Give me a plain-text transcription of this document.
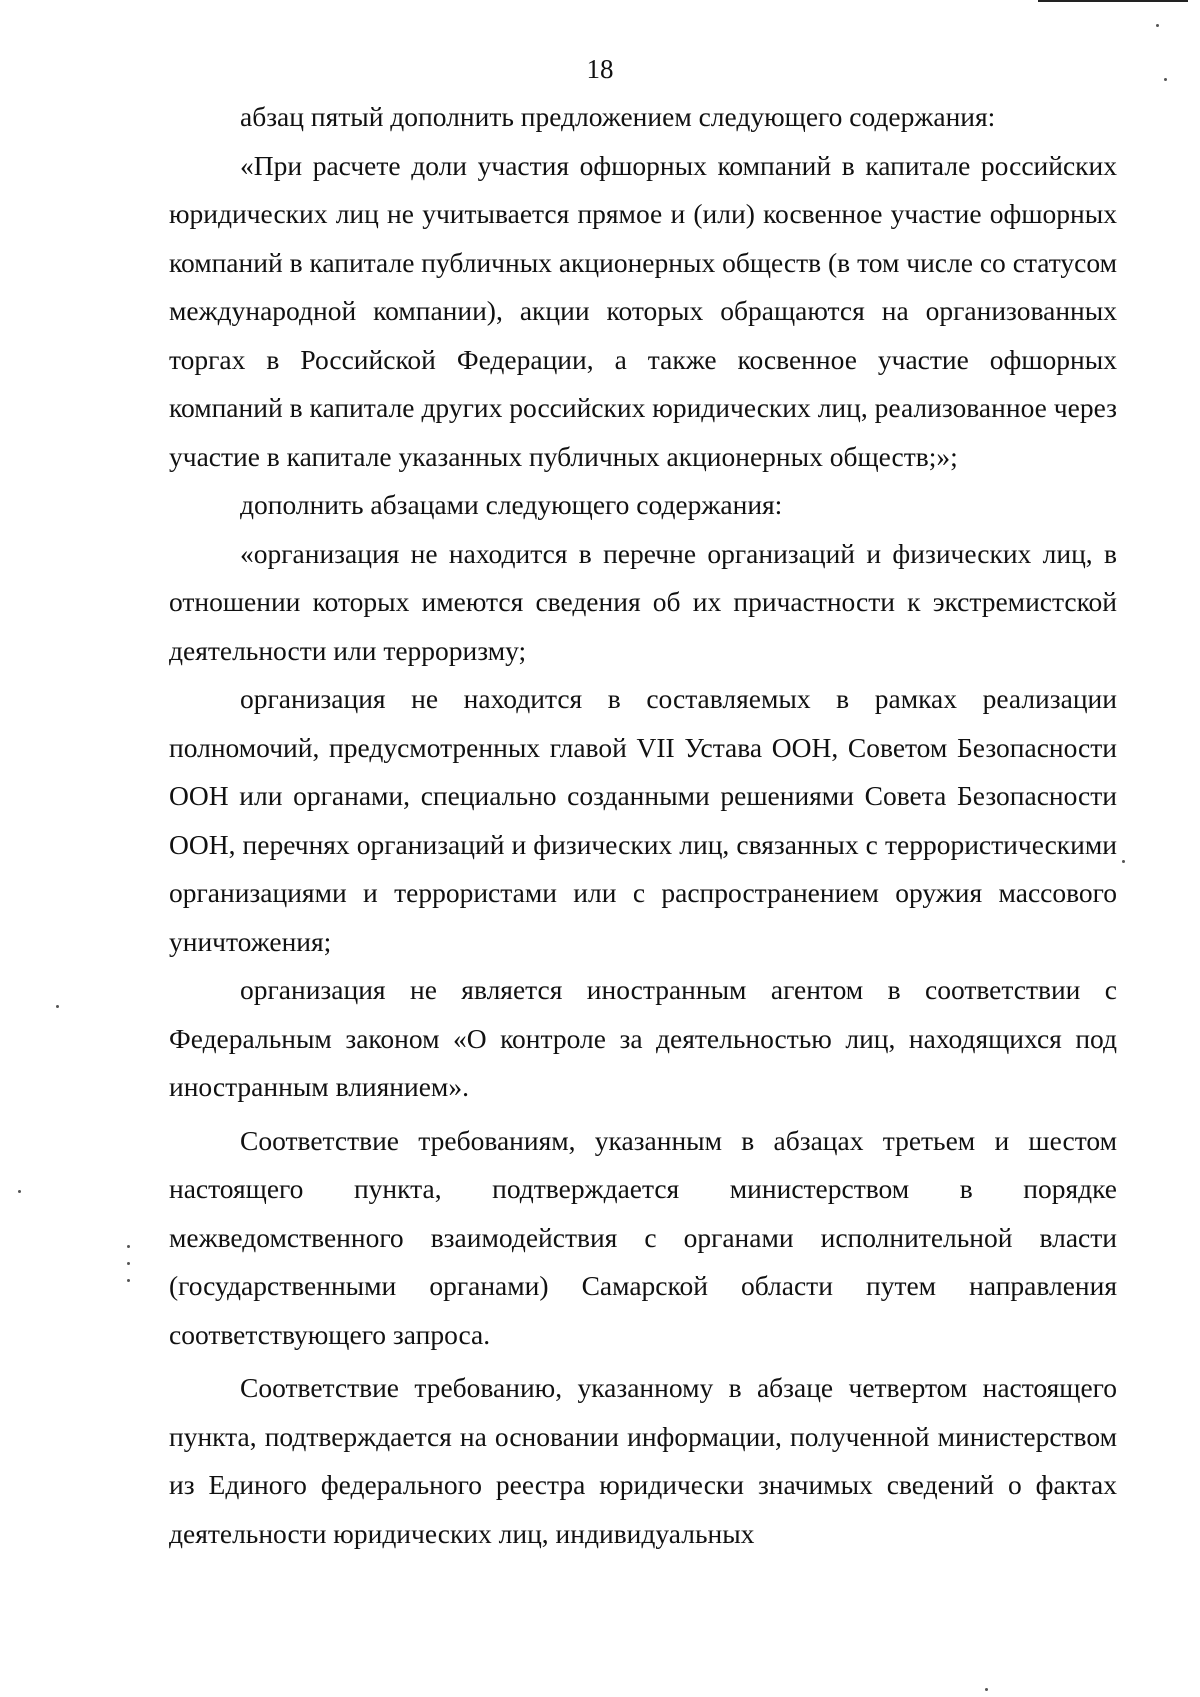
18

абзац пятый дополнить предложением следующего содержания:

«При расчете доли участия офшорных компаний в капитале российских юридических лиц не учитывается прямое и (или) косвенное участие офшорных компаний в капитале публичных акционерных обществ (в том числе со статусом международной компании), акции которых обращаются на организованных торгах в Российской Федерации, а также косвенное участие офшорных компаний в капитале других российских юридических лиц, реализованное через участие в капитале указанных публичных акционерных обществ;»;

дополнить абзацами следующего содержания:

«организация не находится в перечне организаций и физических лиц, в отношении которых имеются сведения об их причастности к экстремистской деятельности или терроризму;

организация не находится в составляемых в рамках реализации полномочий, предусмотренных главой VII Устава ООН, Советом Безопасности ООН или органами, специально созданными решениями Совета Безопасности ООН, перечнях организаций и физических лиц, связанных с террористическими организациями и террористами или с распространением оружия массового уничтожения;

организация не является иностранным агентом в соответствии с Федеральным законом «О контроле за деятельностью лиц, находящихся под иностранным влиянием».

Соответствие требованиям, указанным в абзацах третьем и шестом настоящего пункта, подтверждается министерством в порядке межведомственного взаимодействия с органами исполнительной власти (государственными органами) Самарской области путем направления соответствующего запроса.

Соответствие требованию, указанному в абзаце четвертом настоящего пункта, подтверждается на основании информации, полученной министерством из Единого федерального реестра юридически значимых сведений о фактах деятельности юридических лиц, индивидуальных
